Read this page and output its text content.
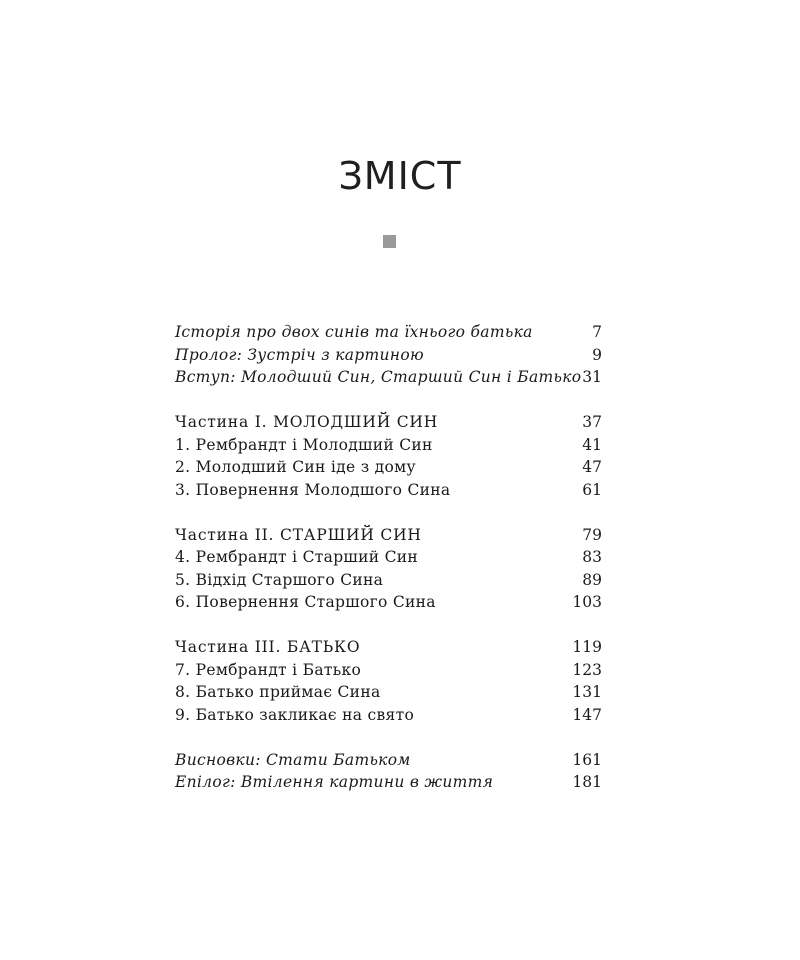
ЗМІСТ
Історія про двох синів та їхнього батька	7
Пролог: Зустріч з картиною	9
Вступ: Молодший Син, Старший Син і Батько 31
Частина І. МОЛОДШИЙ СИН	37
1. Рембрандт і Молодший Син	41
2. Молодший Син іде з дому	47
3. Повернення Молодшого Сина	61
Частина ІІ. СТАРШИЙ СИН	79
4. Рембрандт і Старший Син	83
5. Відхід Старшого Сина	89
6. Повернення Старшого Сина	103
Частина ІІІ. БАТЬКО	119
7. Рембрандт і Батько	123
8. Батько приймає Сина	131
9. Батько закликає на свято	147
Висновки: Стати Батьком	161
Епілог: Втілення картини в життя	181
